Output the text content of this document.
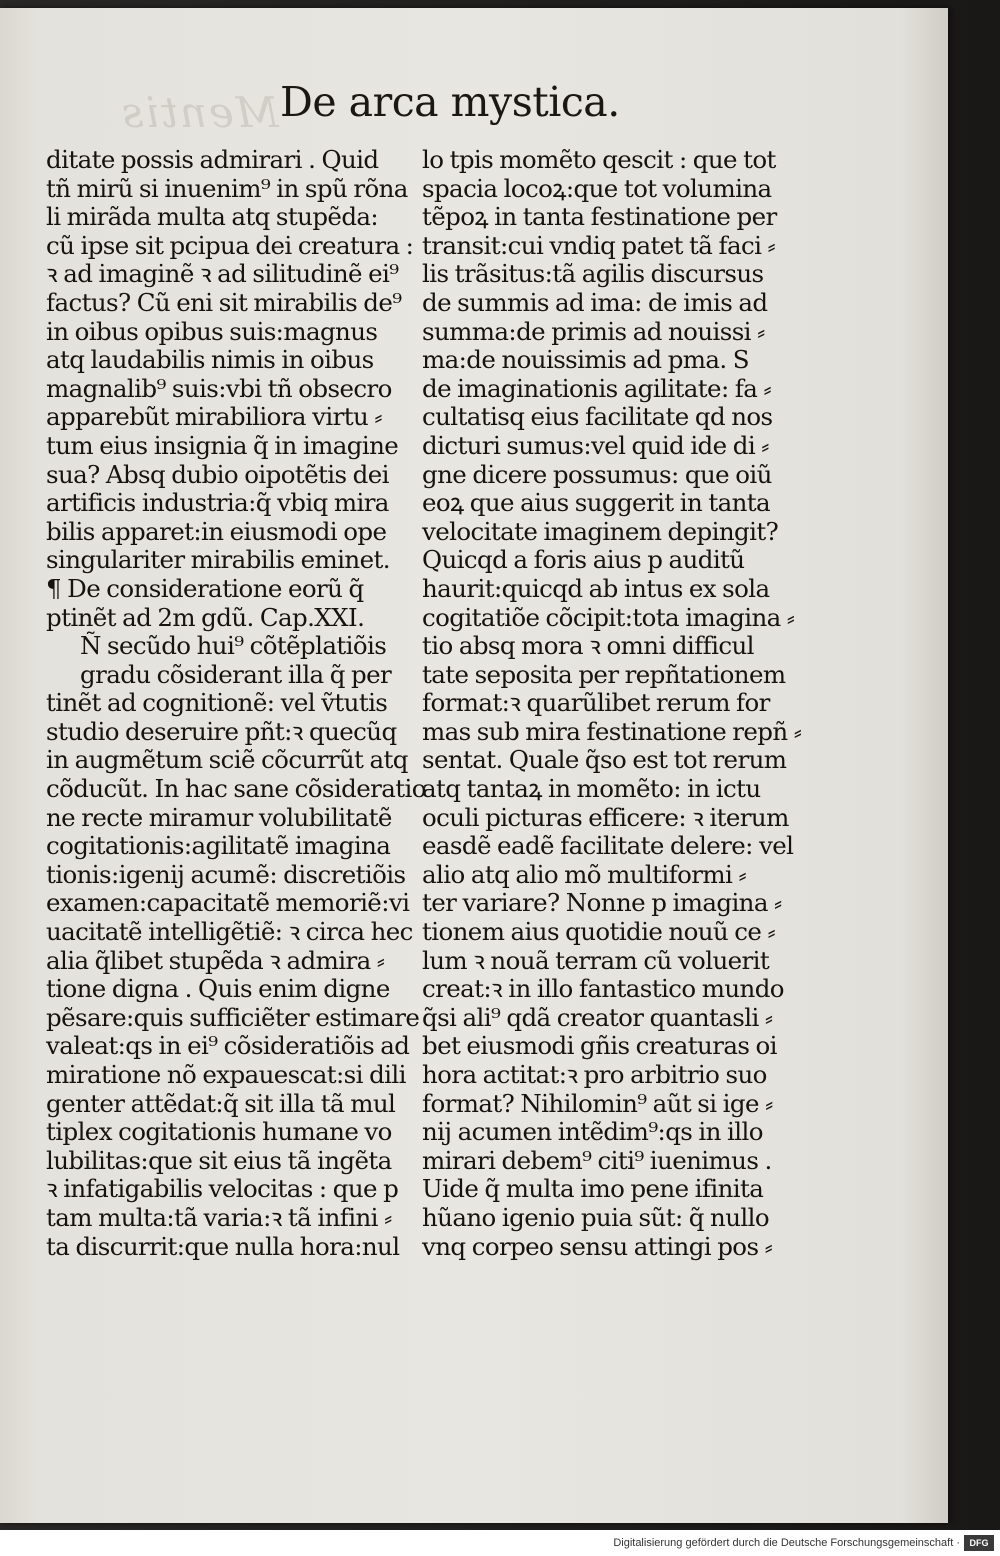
Mentis De arca mystica.
ditate possis admirari . Quid
tñ mirũ si inuenim⁹ in spũ rõna
li mirãda multa atq stupẽda:
cũ ipse sit pcipua dei creatura :
ꝛ ad imaginẽ ꝛ ad silitudinẽ ei⁹
factus? Cũ eni sit mirabilis de⁹
in oibus opibus suis:magnus
atq laudabilis nimis in oibus
magnalib⁹ suis:vbi tñ obsecro
apparebũt mirabiliora virtu ⸗
tum eius insignia q̃ in imagine
sua? Absq dubio oipotẽtis dei
artificis industria:q̃ vbiq mira
bilis apparet:in eiusmodi ope
singulariter mirabilis eminet.
¶ De consideratione eorũ q̃
ptinẽt ad 2m gdũ. Cap.XXI.
Ñ secũdo hui⁹ cõtẽplatiõis
gradu cõsiderant illa q̃ per
tinẽt ad cognitionẽ: vel ṽtutis
studio deseruire pñt:ꝛ quecũq
in augmẽtum sciẽ cõcurrũt atq
cõducũt. In hac sane cõsideratio
ne recte miramur volubilitatẽ
cogitationis:agilitatẽ imagina
tionis:igenij acumẽ: discretiõis
examen:capacitatẽ memoriẽ:vi
uacitatẽ intelligẽtiẽ: ꝛ circa hec
alia q̃libet stupẽda ꝛ admira ⸗
tione digna . Quis enim digne
pẽsare:quis sufficiẽter estimare
valeat:qs in ei⁹ cõsideratiõis ad
miratione nõ expauescat:si dili
genter attẽdat:q̃ sit illa tã mul
tiplex cogitationis humane vo
lubilitas:que sit eius tã ingẽta
ꝛ infatigabilis velocitas : que p
tam multa:tã varia:ꝛ tã infini ⸗
ta discurrit:que nulla hora:nul
lo tpis momẽto qescit : que tot
spacia locoꝝ:que tot volumina
tẽpoꝝ in tanta festinatione per
transit:cui vndiq patet tã faci ⸗
lis trãsitus:tã agilis discursus
de summis ad ima: de imis ad
summa:de primis ad nouissi ⸗
ma:de nouissimis ad pma. S
de imaginationis agilitate: fa ⸗
cultatisq eius facilitate qd nos
dicturi sumus:vel quid ide di ⸗
gne dicere possumus: que oiũ
eoꝝ que aius suggerit in tanta
velocitate imaginem depingit?
Quicqd a foris aius p auditũ
haurit:quicqd ab intus ex sola
cogitatiõe cõcipit:tota imagina ⸗
tio absq mora ꝛ omni difficul
tate seposita per repñtationem
format:ꝛ quarũlibet rerum for
mas sub mira festinatione repñ ⸗
sentat. Quale q̃so est tot rerum
atq tantaꝝ in momẽto: in ictu
oculi picturas efficere: ꝛ iterum
easdẽ eadẽ facilitate delere: vel
alio atq alio mõ multiformi ⸗
ter variare? Nonne p imagina ⸗
tionem aius quotidie nouũ ce ⸗
lum ꝛ nouã terram cũ voluerit
creat:ꝛ in illo fantastico mundo
q̃si ali⁹ qdã creator quantasli ⸗
bet eiusmodi gñis creaturas oi
hora actitat:ꝛ pro arbitrio suo
format? Nihilomin⁹ aũt si ige ⸗
nij acumen intẽdim⁹:qs in illo
mirari debem⁹ citi⁹ iuenimus .
Uide q̃ multa imo pene ifinita
hũano igenio puia sũt: q̃ nullo
vnq corpeo sensu attingi pos ⸗
Digitalisierung gefördert durch die Deutsche Forschungsgemeinschaft ·	DFG
